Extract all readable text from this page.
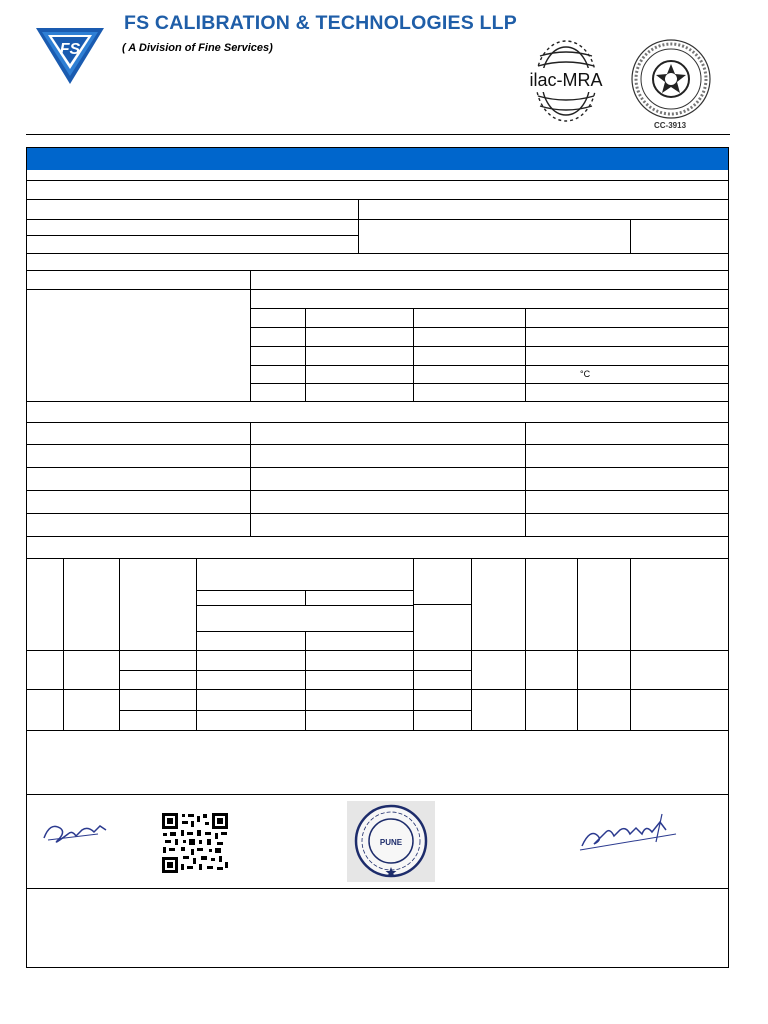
FS
FS CALIBRATION & TECHNOLOGIES LLP
( A Division of Fine Services)
ilac-MRA
CC-3913
°C
PUNE
